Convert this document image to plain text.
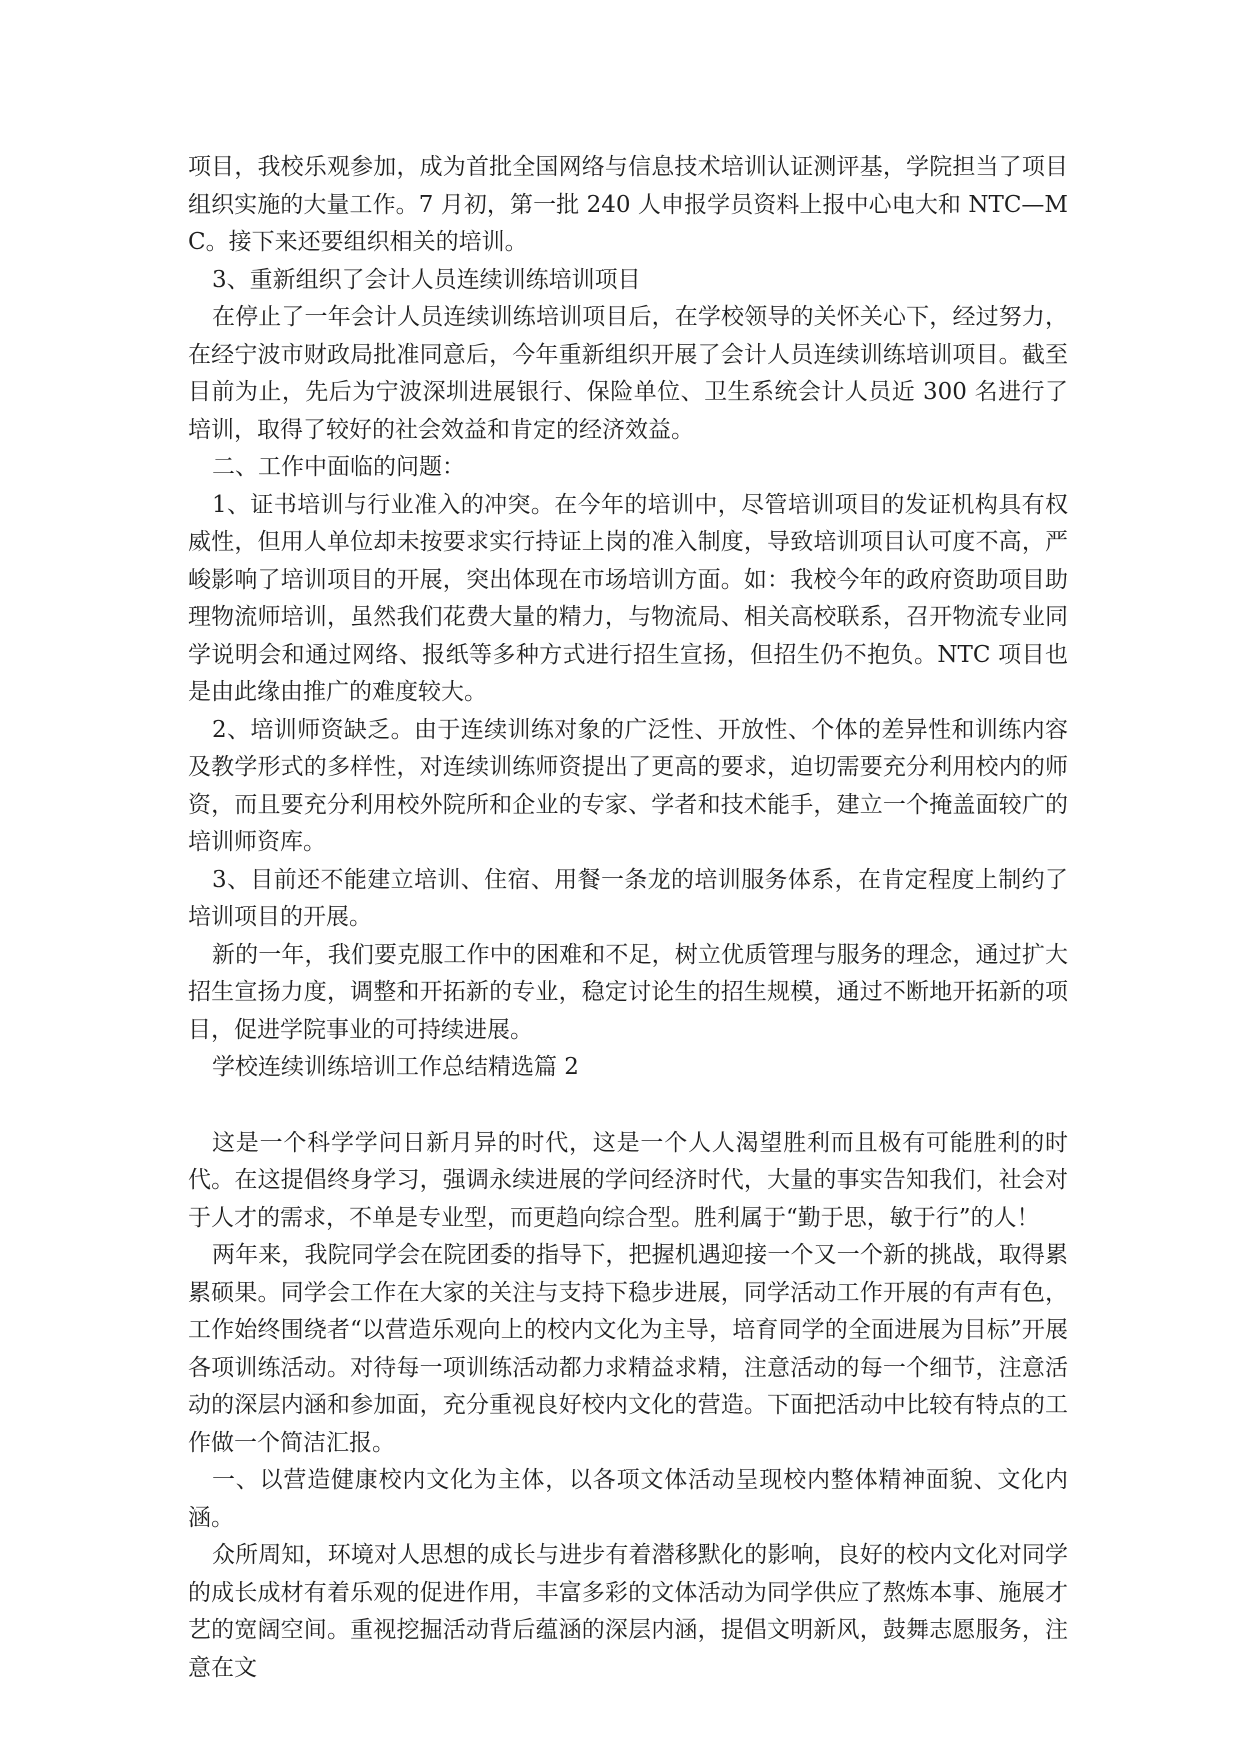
项目，我校乐观参加，成为首批全国网络与信息技术培训认证测评基，学院担当了项目组织实施的大量工作。7 月初，第一批 240 人申报学员资料上报中心电大和 NTC—MC。接下来还要组织相关的培训。

3、重新组织了会计人员连续训练培训项目

在停止了一年会计人员连续训练培训项目后，在学校领导的关怀关心下，经过努力，在经宁波市财政局批准同意后，今年重新组织开展了会计人员连续训练培训项目。截至目前为止，先后为宁波深圳进展银行、保险单位、卫生系统会计人员近 300 名进行了培训，取得了较好的社会效益和肯定的经济效益。

二、工作中面临的问题：

1、证书培训与行业准入的冲突。在今年的培训中，尽管培训项目的发证机构具有权威性，但用人单位却未按要求实行持证上岗的准入制度，导致培训项目认可度不高，严峻影响了培训项目的开展，突出体现在市场培训方面。如：我校今年的政府资助项目助理物流师培训，虽然我们花费大量的精力，与物流局、相关高校联系，召开物流专业同学说明会和通过网络、报纸等多种方式进行招生宣扬，但招生仍不抱负。NTC 项目也是由此缘由推广的难度较大。

2、培训师资缺乏。由于连续训练对象的广泛性、开放性、个体的差异性和训练内容及教学形式的多样性，对连续训练师资提出了更高的要求，迫切需要充分利用校内的师资，而且要充分利用校外院所和企业的专家、学者和技术能手，建立一个掩盖面较广的培训师资库。

3、目前还不能建立培训、住宿、用餐一条龙的培训服务体系，在肯定程度上制约了培训项目的开展。

新的一年，我们要克服工作中的困难和不足，树立优质管理与服务的理念，通过扩大招生宣扬力度，调整和开拓新的专业，稳定讨论生的招生规模，通过不断地开拓新的项目，促进学院事业的可持续进展。

学校连续训练培训工作总结精选篇 2

这是一个科学学问日新月异的时代，这是一个人人渴望胜利而且极有可能胜利的时代。在这提倡终身学习，强调永续进展的学问经济时代，大量的事实告知我们，社会对于人才的需求，不单是专业型，而更趋向综合型。胜利属于“勤于思，敏于行”的人！

两年来，我院同学会在院团委的指导下，把握机遇迎接一个又一个新的挑战，取得累累硕果。同学会工作在大家的关注与支持下稳步进展，同学活动工作开展的有声有色，工作始终围绕者“以营造乐观向上的校内文化为主导，培育同学的全面进展为目标”开展各项训练活动。对待每一项训练活动都力求精益求精，注意活动的每一个细节，注意活动的深层内涵和参加面，充分重视良好校内文化的营造。下面把活动中比较有特点的工作做一个简洁汇报。

一、以营造健康校内文化为主体，以各项文体活动呈现校内整体精神面貌、文化内涵。

众所周知，环境对人思想的成长与进步有着潜移默化的影响，良好的校内文化对同学的成长成材有着乐观的促进作用，丰富多彩的文体活动为同学供应了熬炼本事、施展才艺的宽阔空间。重视挖掘活动背后蕴涵的深层内涵，提倡文明新风，鼓舞志愿服务，注意在文
